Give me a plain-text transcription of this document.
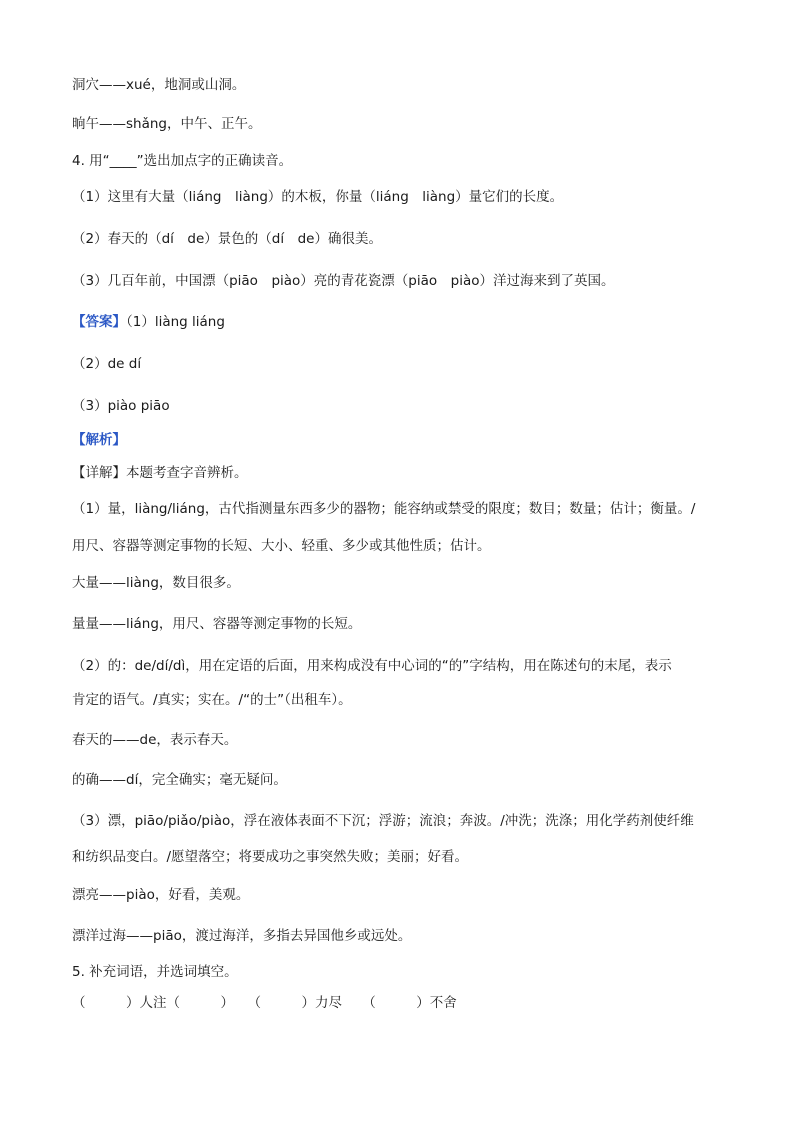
洞穴——xué，地洞或山洞。
晌午——shǎng，中午、正午。
4. 用“____”选出加点字的正确读音。
（1）这里有大量（liáng　liàng）的木板，你量（liáng　liàng）量它们的长度。
（2）春天的（dí　de）景色的（dí　de）确很美。
（3）几百年前，中国漂（piāo　piào）亮的青花瓷漂（piāo　piào）洋过海来到了英国。
【答案】（1）liàng liáng
（2）de dí
（3）piào piāo
【解析】
【详解】本题考查字音辨析。
（1）量，liàng/liáng，古代指测量东西多少的器物；能容纳或禁受的限度；数目；数量；估计；衡量。/
用尺、容器等测定事物的长短、大小、轻重、多少或其他性质；估计。
大量——liàng，数目很多。
量量——liáng，用尺、容器等测定事物的长短。
（2）的：de/dí/dì，用在定语的后面，用来构成没有中心词的“的”字结构，用在陈述句的末尾，表示
肯定的语气。/真实；实在。/“的士”（出租车）。
春天的——de，表示春天。
的确——dí，完全确实；毫无疑问。
（3）漂，piāo/piǎo/piào，浮在液体表面不下沉；浮游；流浪；奔波。/冲洗；洗涤；用化学药剂使纤维
和纺织品变白。/愿望落空；将要成功之事突然失败；美丽；好看。
漂亮——piào，好看，美观。
漂洋过海——piāo，渡过海洋，多指去异国他乡或远处。
5. 补充词语，并选词填空。
（　　　）人注（　　　）　　（　　　）力尽　　（　　　）不舍
